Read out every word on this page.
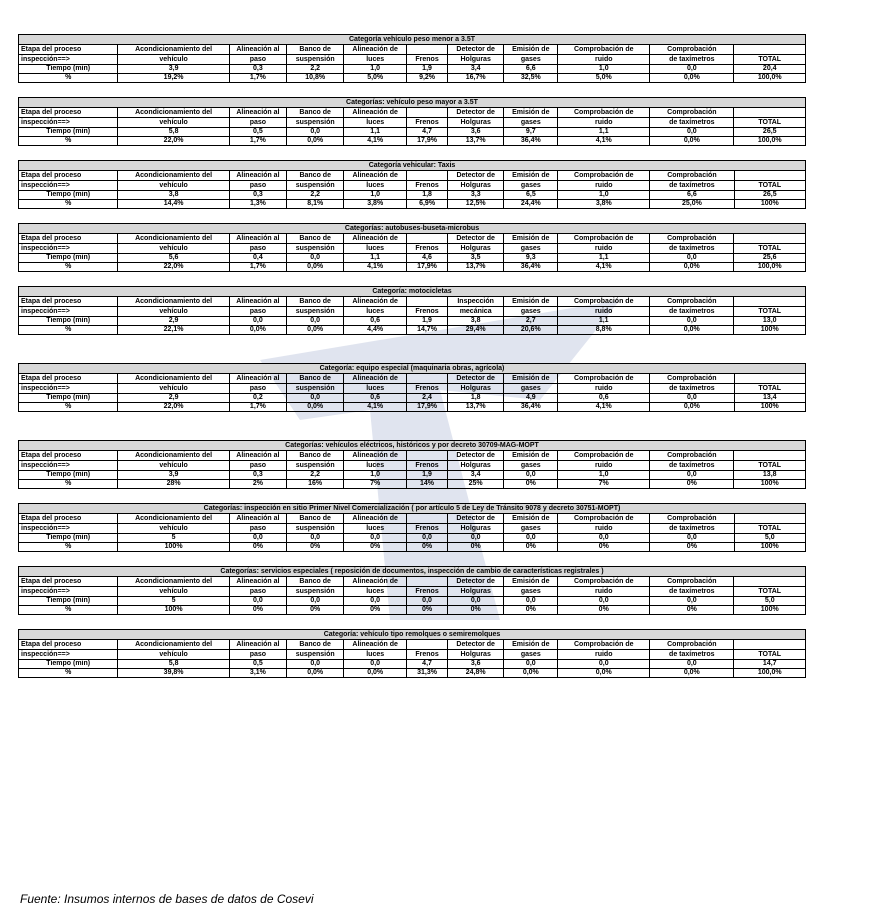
Categoría vehículo peso menor a 3.5T										
Etapa del proceso	Acondicionamiento del	Alineación al	Banco de	Alineación de		Detector de	Emisión de	Comprobación de	Comprobación	
inspección==>	vehículo	paso	suspensión	luces	Frenos	Holguras	gases	ruido	de taxímetros	TOTAL
Tiempo (min)	3,9	0,3	2,2	1,0	1,9	3,4	6,6	1,0	0,0	20,4
%	19,2%	1,7%	10,8%	5,0%	9,2%	16,7%	32,5%	5,0%	0,0%	100,0%
Categorías: vehículo peso mayor a 3.5T										
Etapa del proceso	Acondicionamiento del	Alineación al	Banco de	Alineación de		Detector de	Emisión de	Comprobación de	Comprobación	
inspección==>	vehículo	paso	suspensión	luces	Frenos	Holguras	gases	ruido	de taxímetros	TOTAL
Tiempo (min)	5,8	0,5	0,0	1,1	4,7	3,6	9,7	1,1	0,0	26,5
%	22,0%	1,7%	0,0%	4,1%	17,9%	13,7%	36,4%	4,1%	0,0%	100,0%
Categoría vehicular: Taxis										
Etapa del proceso	Acondicionamiento del	Alineación al	Banco de	Alineación de		Detector de	Emisión de	Comprobación de	Comprobación	
inspección==>	vehículo	paso	suspensión	luces	Frenos	Holguras	gases	ruido	de taxímetros	TOTAL
Tiempo (min)	3,8	0,3	2,2	1,0	1,8	3,3	6,5	1,0	6,6	26,5
%	14,4%	1,3%	8,1%	3,8%	6,9%	12,5%	24,4%	3,8%	25,0%	100%
Categorías: autobuses-buseta-microbus										
Etapa del proceso	Acondicionamiento del	Alineación al	Banco de	Alineación de		Detector de	Emisión de	Comprobación de	Comprobación	
inspección==>	vehículo	paso	suspensión	luces	Frenos	Holguras	gases	ruido	de taxímetros	TOTAL
Tiempo (min)	5,6	0,4	0,0	1,1	4,6	3,5	9,3	1,1	0,0	25,6
%	22,0%	1,7%	0,0%	4,1%	17,9%	13,7%	36,4%	4,1%	0,0%	100,0%
Categoría: motocicletas										
Etapa del proceso	Acondicionamiento del	Alineación al	Banco de	Alineación de		Inspección	Emisión de	Comprobación de	Comprobación	
inspección==>	vehículo	paso	suspensión	luces	Frenos	mecánica	gases	ruido	de taxímetros	TOTAL
Tiempo (min)	2,9	0,0	0,0	0,6	1,9	3,8	2,7	1,1	0,0	13,0
%	22,1%	0,0%	0,0%	4,4%	14,7%	29,4%	20,6%	8,8%	0,0%	100%
Categoría: equipo especial (maquinaria obras, agrícola)										
Etapa del proceso	Acondicionamiento del	Alineación al	Banco de	Alineación de		Detector de	Emisión de	Comprobación de	Comprobación	
inspección==>	vehículo	paso	suspensión	luces	Frenos	Holguras	gases	ruido	de taxímetros	TOTAL
Tiempo (min)	2,9	0,2	0,0	0,6	2,4	1,8	4,9	0,6	0,0	13,4
%	22,0%	1,7%	0,0%	4,1%	17,9%	13,7%	36,4%	4,1%	0,0%	100%
Categorías: vehículos eléctricos, históricos y por decreto 30709-MAG-MOPT										
Etapa del proceso	Acondicionamiento del	Alineación al	Banco de	Alineación de		Detector de	Emisión de	Comprobación de	Comprobación	
inspección==>	vehículo	paso	suspensión	luces	Frenos	Holguras	gases	ruido	de taxímetros	TOTAL
Tiempo (min)	3,9	0,3	2,2	1,0	1,9	3,4	0,0	1,0	0,0	13,8
%	28%	2%	16%	7%	14%	25%	0%	7%	0%	100%
Categorías: inspección en sitio Primer Nivel Comercialización ( por artículo 5 de Ley de Tránsito 9078 y decreto 30751-MOPT)										
Etapa del proceso	Acondicionamiento del	Alineación al	Banco de	Alineación de		Detector de	Emisión de	Comprobación de	Comprobación	
inspección==>	vehículo	paso	suspensión	luces	Frenos	Holguras	gases	ruido	de taxímetros	TOTAL
Tiempo (min)	5	0,0	0,0	0,0	0,0	0,0	0,0	0,0	0,0	5,0
%	100%	0%	0%	0%	0%	0%	0%	0%	0%	100%
Categorías: servicios especiales ( reposición de documentos, inspección de cambio de características registrales )										
Etapa del proceso	Acondicionamiento del	Alineación al	Banco de	Alineación de		Detector de	Emisión de	Comprobación de	Comprobación	
inspección==>	vehículo	paso	suspensión	luces	Frenos	Holguras	gases	ruido	de taxímetros	TOTAL
Tiempo (min)	5	0,0	0,0	0,0	0,0	0,0	0,0	0,0	0,0	5,0
%	100%	0%	0%	0%	0%	0%	0%	0%	0%	100%
Categoría: vehículo tipo remolques o semiremolques										
Etapa del proceso	Acondicionamiento del	Alineación al	Banco de	Alineación de		Detector de	Emisión de	Comprobación de	Comprobación	
inspección==>	vehículo	paso	suspensión	luces	Frenos	Holguras	gases	ruido	de taxímetros	TOTAL
Tiempo (min)	5,8	0,5	0,0	0,0	4,7	3,6	0,0	0,0	0,0	14,7
%	39,8%	3,1%	0,0%	0,0%	31,3%	24,8%	0,0%	0,0%	0,0%	100,0%
Fuente: Insumos internos de bases de datos de Cosevi
